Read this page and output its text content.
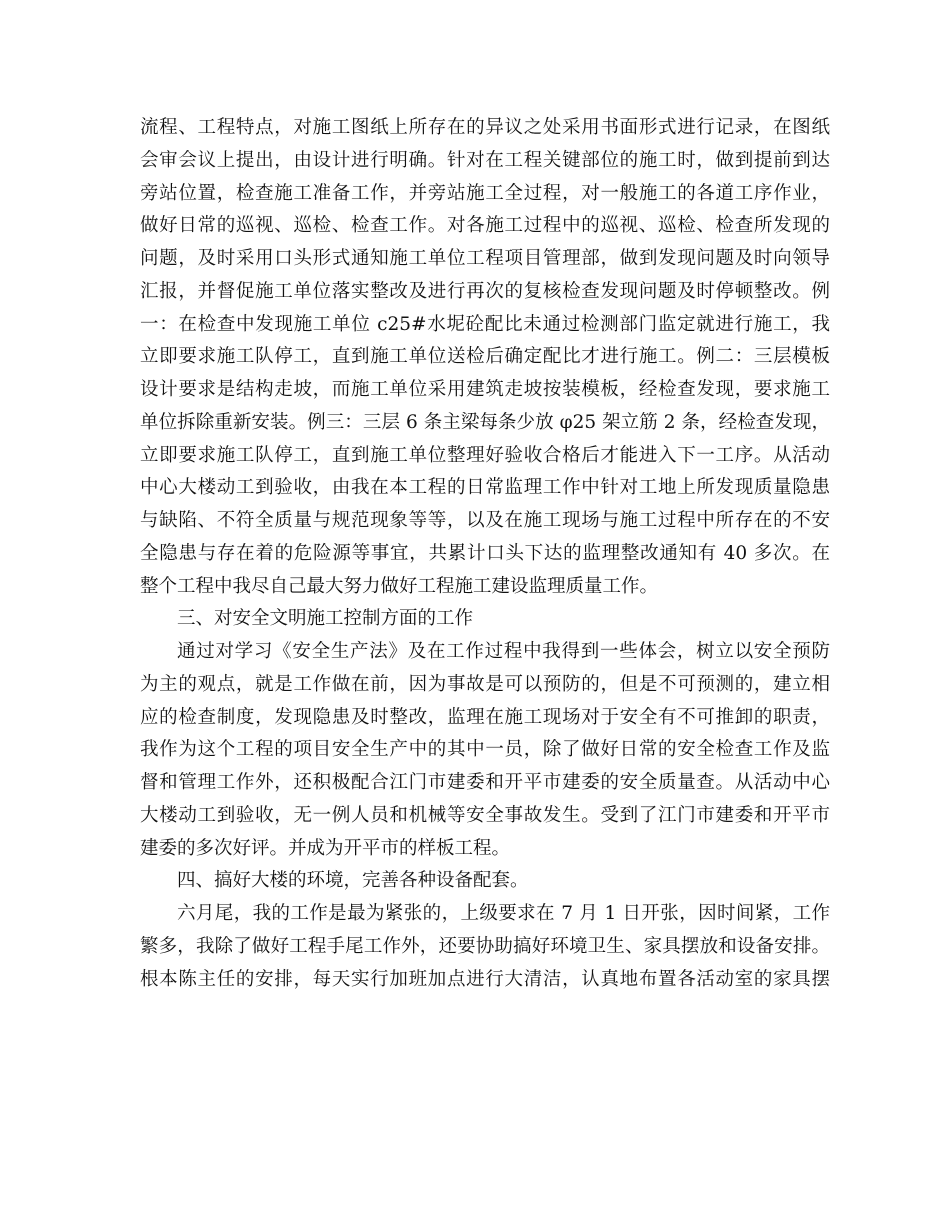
流程、工程特点，对施工图纸上所存在的异议之处采用书面形式进行记录，在图纸
会审会议上提出，由设计进行明确。针对在工程关键部位的施工时，做到提前到达
旁站位置，检查施工准备工作，并旁站施工全过程，对一般施工的各道工序作业，
做好日常的巡视、巡检、检查工作。对各施工过程中的巡视、巡检、检查所发现的
问题，及时采用口头形式通知施工单位工程项目管理部，做到发现问题及时向领导
汇报，并督促施工单位落实整改及进行再次的复核检查发现问题及时停顿整改。例
一：在检查中发现施工单位 c25#水坭砼配比未通过检测部门监定就进行施工，我
立即要求施工队停工，直到施工单位送检后确定配比才进行施工。例二：三层模板
设计要求是结构走坡，而施工单位采用建筑走坡按装模板，经检查发现，要求施工
单位拆除重新安装。例三：三层 6 条主梁每条少放 φ25 架立筋 2 条，经检查发现，
立即要求施工队停工，直到施工单位整理好验收合格后才能进入下一工序。从活动
中心大楼动工到验收，由我在本工程的日常监理工作中针对工地上所发现质量隐患
与缺陷、不符全质量与规范现象等等，以及在施工现场与施工过程中所存在的不安
全隐患与存在着的危险源等事宜，共累计口头下达的监理整改通知有 40 多次。在
整个工程中我尽自己最大努力做好工程施工建设监理质量工作。
三、对安全文明施工控制方面的工作
通过对学习《安全生产法》及在工作过程中我得到一些体会，树立以安全预防
为主的观点，就是工作做在前，因为事故是可以预防的，但是不可预测的，建立相
应的检查制度，发现隐患及时整改，监理在施工现场对于安全有不可推卸的职责，
我作为这个工程的项目安全生产中的其中一员，除了做好日常的安全检查工作及监
督和管理工作外，还积极配合江门市建委和开平市建委的安全质量查。从活动中心
大楼动工到验收，无一例人员和机械等安全事故发生。受到了江门市建委和开平市
建委的多次好评。并成为开平市的样板工程。
四、搞好大楼的环境，完善各种设备配套。
六月尾，我的工作是最为紧张的，上级要求在 7 月 1 日开张，因时间紧，工作
繁多，我除了做好工程手尾工作外，还要协助搞好环境卫生、家具摆放和设备安排。
根本陈主任的安排，每天实行加班加点进行大清洁，认真地布置各活动室的家具摆
